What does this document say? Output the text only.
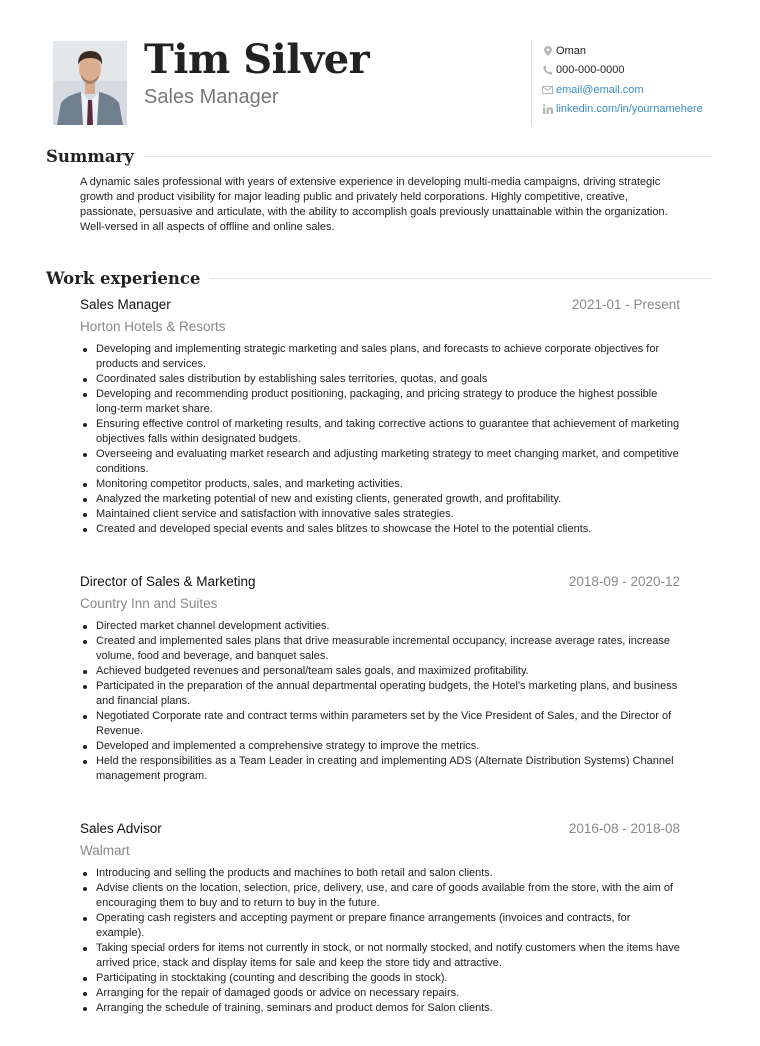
Tim Silver
Sales Manager
Oman
000-000-0000
email@email.com
linkedin.com/in/yournamehere
Summary

A dynamic sales professional with years of extensive experience in developing multi-media campaigns, driving strategic growth and product visibility for major leading public and privately held corporations. Highly competitive, creative, passionate, persuasive and articulate, with the ability to accomplish goals previously unattainable within the organization. Well-versed in all aspects of offline and online sales.

Work experience
Sales Manager	2021-01 - Present
Horton Hotels & Resorts
Developing and implementing strategic marketing and sales plans, and forecasts to achieve corporate objectives for products and services.
Coordinated sales distribution by establishing sales territories, quotas, and goals
Developing and recommending product positioning, packaging, and pricing strategy to produce the highest possible long-term market share.
Ensuring effective control of marketing results, and taking corrective actions to guarantee that achievement of marketing objectives falls within designated budgets.
Overseeing and evaluating market research and adjusting marketing strategy to meet changing market, and competitive conditions.
Monitoring competitor products, sales, and marketing activities.
Analyzed the marketing potential of new and existing clients, generated growth, and profitability.
Maintained client service and satisfaction with innovative sales strategies.
Created and developed special events and sales blitzes to showcase the Hotel to the potential clients.
Director of Sales & Marketing	2018-09 - 2020-12
Country Inn and Suites
Directed market channel development activities.
Created and implemented sales plans that drive measurable incremental occupancy, increase average rates, increase volume, food and beverage, and banquet sales.
Achieved budgeted revenues and personal/team sales goals, and maximized profitability.
Participated in the preparation of the annual departmental operating budgets, the Hotel's marketing plans, and business and financial plans.
Negotiated Corporate rate and contract terms within parameters set by the Vice President of Sales, and the Director of Revenue.
Developed and implemented a comprehensive strategy to improve the metrics.
Held the responsibilities as a Team Leader in creating and implementing ADS (Alternate Distribution Systems) Channel management program.
Sales Advisor	2016-08 - 2018-08
Walmart
Introducing and selling the products and machines to both retail and salon clients.
Advise clients on the location, selection, price, delivery, use, and care of goods available from the store, with the aim of encouraging them to buy and to return to buy in the future.
Operating cash registers and accepting payment or prepare finance arrangements (invoices and contracts, for example).
Taking special orders for items not currently in stock, or not normally stocked, and notify customers when the items have arrived price, stack and display items for sale and keep the store tidy and attractive.
Participating in stocktaking (counting and describing the goods in stock).
Arranging for the repair of damaged goods or advice on necessary repairs.
Arranging the schedule of training, seminars and product demos for Salon clients.
